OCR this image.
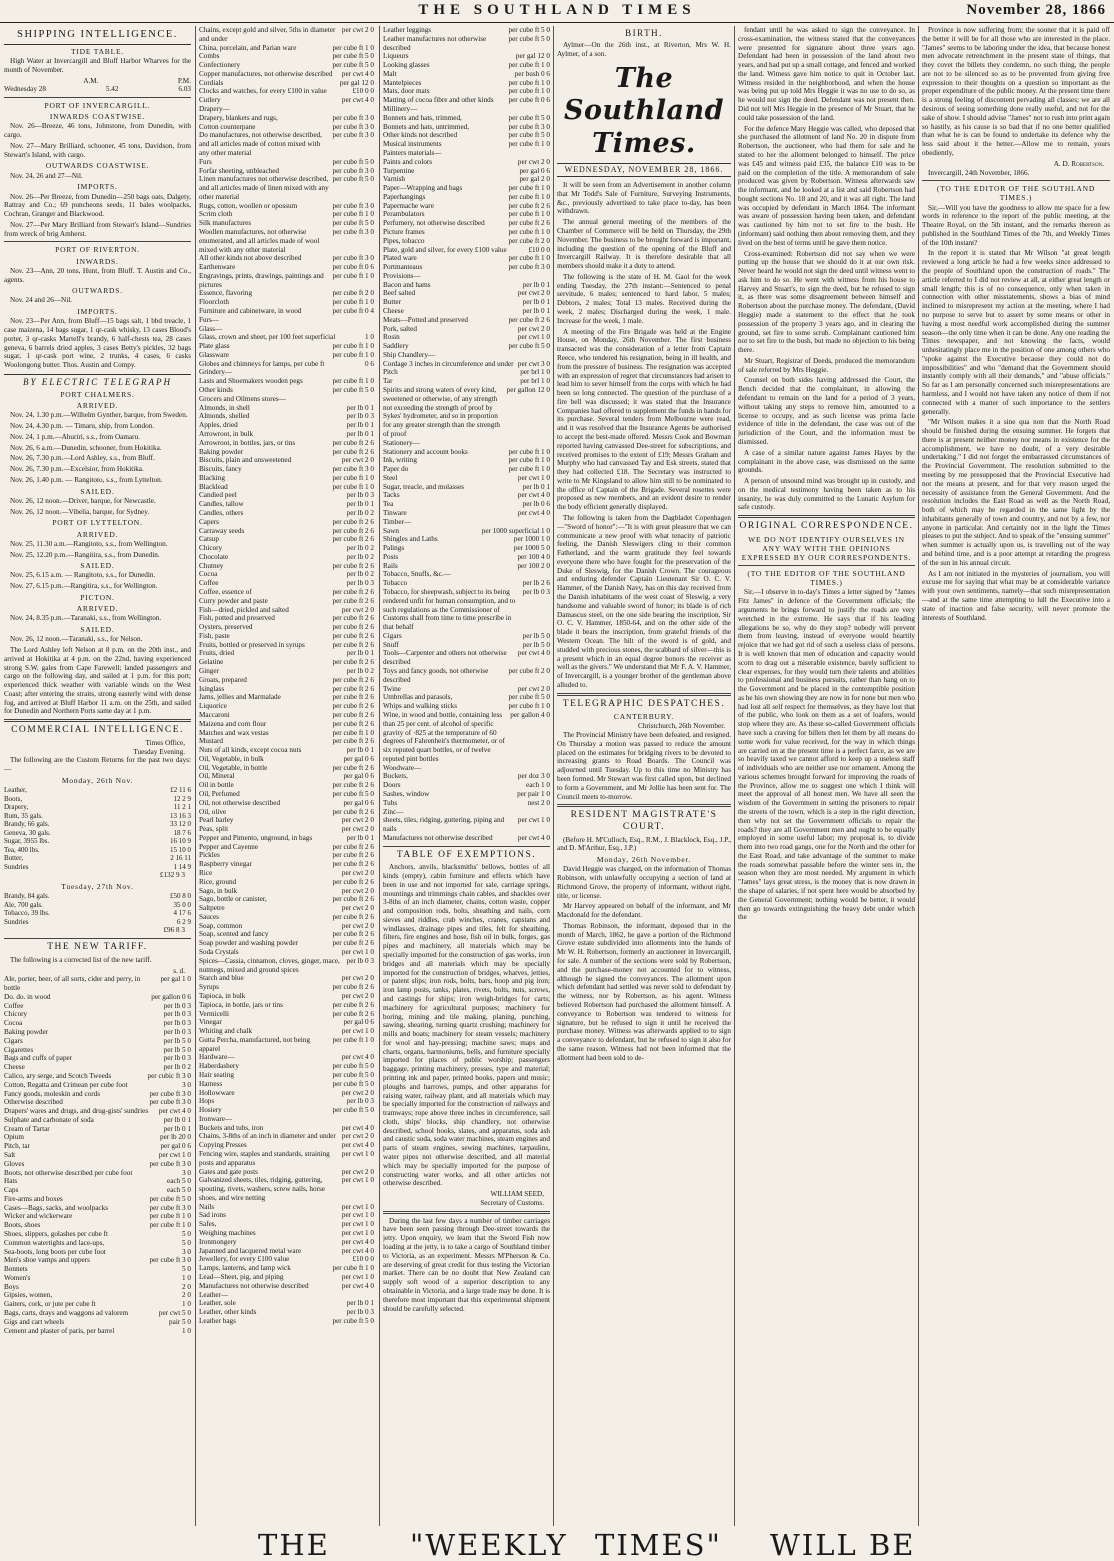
THE SOUTHLAND TIMES	November 28, 1866
SHIPPING INTELLIGENCE.
TIDE TABLE.

High Water at Invercargill and Bluff Harbor Wharves for the month of November.

A.M.	P.M.
Wednesday 28	5.42	6.03
PORT OF INVERCARGILL.
INWARDS COASTWISE.

Nov. 26—Breeze, 46 tons, Johnstone, from Dunedin, with cargo.

Nov. 27—Mary Brilliard, schooner, 45 tons, Davidson, from Stewart's Island, with cargo.

OUTWARDS COASTWISE.

Nov. 24, 26 and 27—Nil.

IMPORTS.

Nov. 26—Per Breeze, from Dunedin—250 bags oats, Dalgety, Rattray and Co.; 69 puncheons seeds, 11 bales woolpacks, Cochran, Granger and Blackwood.

Nov. 27—Per Mary Brilliard from Stewart's Island—Sundries from wreck of brig Amherst.

PORT OF RIVERTON.
INWARDS.

Nov. 23—Ann, 20 tons, Hunt, from Bluff. T. Austin and Co., agents.

OUTWARDS.

Nov. 24 and 26—Nil.

IMPORTS.

Nov. 23—Per Ann, from Bluff—15 bags salt, 1 bbd treacle, 1 case maizena, 14 bags sugar, 1 qr-cask whisky, 13 cases Blood's porter, 3 qr-casks Martell's brandy, 6 half-chests tea, 28 cases geneva, 6 barrels dried apples, 3 cases Betty's pickles, 32 bags sugar, 1 qr-cask port wine, 2 trunks, 4 cases, 6 casks Woolongong butter. Thos. Austin and Compy.

BY ELECTRIC TELEGRAPH
PORT CHALMERS.
ARRIVED.

Nov. 24, 1.30 p.m.—Wilhelm Gynther, barque, from Sweden.

Nov. 24, 4.30 p.m. — Timaru, ship, from London.

Nov. 24, 1 p.m.—Ahuriri, s.s., from Oamaru.

Nov. 26, 6 a.m.—Dunedin, schooner, from Hokitika.

Nov. 26, 7.30 p.m.—Lord Ashley, s.s., from Bluff.

Nov. 26, 7.30 p.m.—Excelsior, from Hokitika.

Nov. 26, 1.40 p.m. — Rangitoto, s.s., from Lyttelton.

SAILED.

Nov. 26, 12 noon.—Driver, barque, for Newcastle.

Nov. 26, 12 noon.—Vibelia, barque, for Sydney.

PORT OF LYTTELTON.
ARRIVED.

Nov. 25, 11.30 a.m.—Rangitoto, s.s., from Wellington.

Nov. 25, 12.20 p.m.—Rangitira, s.s., from Dunedin.

SAILED.

Nov. 25, 6.15 a.m. — Rangitoto, s.s., for Dunedin.

Nov. 27, 6.15 p.m.—Rangitira, s.s., for Wellington.

PICTON.
ARRIVED.

Nov. 24, 8.35 p.m.—Taranaki, s.s., from Wellington.

SAILED.

Nov. 26, 12 noon.—Taranaki, s.s., for Nelson.

The Lord Ashley left Nelson at 8 p.m. on the 20th inst., and arrived at Hokitika at 4 p.m. on the 22nd, having experienced strong S.W. gales from Cape Farewell; landed passengers and cargo on the following day, and sailed at 1 p.m. for this port; experienced thick weather with variable winds on the West Coast; after entering the straits, strong easterly wind with dense fog, and arrived at Bluff Harbor 11 a.m. on the 25th, and sailed for Dunedin and Northern Ports same day at 1 p.m.

COMMERCIAL INTELLIGENCE.
Times Office,
Tuesday Evening.

The following are the Custom Returns for the past two days:—

Monday, 26th Nov.
Leather,	£2 11 6
Boots,	12 2 9
Drapery,	11 2 1
Rum, 35 gals.	13 16 3
Brandy, 66 gals.	33 12 0
Geneva, 30 gals.	18 7 6
Sugar, 3955 lbs.	16 10 9
Tea, 400 lbs.	15 10 0
Butter,	2 16 11
Sundries	1 14 9
£132 9 3
Tuesday, 27th Nov.
Brandy, 84 gals.	£50 8 0
Ale, 700 gals.	35 0 0
Tobacco, 39 lbs.	4 17 6
Sundries	6 2 9
£96 8 3
THE NEW TARIFF.

The following is a corrected list of the new tariff.

s. d.
Ale, porter, beer, of all sorts, cider and perry, in bottle
per gal 1 0
Do. do. in wood	per gallon 0 6
Coffee	per lb 0 3
Chicory	per lb 0 3
Cocoa	per lb 0 3
Baking powder	per lb 0 3
Cigars	per lb 5 0
Cigarettes	per lb 5 0
Bags and cuffs of paper	per lb 0 3
Cheese	per lb 0 2
Calico, ary serge, and Scotch Tweeds	per cubic ft 3 0
Cotton, Regatta and Crimean per cube foot	3 0
Fancy goods, moleskin and cords	per cube ft 3 0
Otherwise described	per cube ft 3 0
Drapers' wares and drugs, and drug-gists' sundries	per cwt 4 0
Sulphate and carbonate of soda	per lb 0 1
Cream of Tartar	per lb 0 1
Opium	per lb 20 0
Pitch, tar	per gal 0 6
Salt	per cwt 1 0
Gloves	per cube ft 3 0
Boots, not otherwise described per cube foot	3 0
Hats	each 5 0
Caps	each 5 0
Fire-arms and boxes	per cube ft 5 0
Cases—Bags, sacks, and woolpacks	per cube ft 3 0
Wicker and wickerware	per cube ft 1 0
Boots, shoes	per cube ft 1 0
Shoes, slippers, golashes per cube ft	5 0
Common watertights and lace-ups,	5 0
Sea-boots, long boots per cube foot	3 0
Men's shoe vamps and uppers	per cube ft 3 0
Bonnets	5 0
Women's	1 0
Boys	2 0
Gipsies, women,	2 0
Gaiters, cork, or jute per cube ft	1 0
Bags, carts, drays and waggons ad valorem	per cwt 5 0
Gigs and cart wheels	pair 5 0
Cement and plaster of paris, per barrel	1 0
Chains, except gold and silver, 5ths in diameter and under
per cwt 2 0
China, porcelain, and Parian ware	per cube ft 1 0
Combs	per cube ft 5 0
Confectionery	per cube ft 5 0
Copper manufactures, not otherwise described	per cwt 4 0
Cordials	per gal 12 0
Clocks and watches, for every £100 in value	£10 0 0
Cutlery	per cwt 4 0
Drapery—
Drapery, blankets and rugs,	per cube ft 3 0
Cotton counterpane	per cube ft 3 0
Do manufactures, not otherwise described, and all articles made of cotton mixed with any other material
per cube ft 3 0
Furs	per cube ft 5 0
Forfar sheeting, unbleached	per cube ft 3 0
Linen manufactures not otherwise described, and all articles made of linen mixed with any other material
per cube ft 5 0
Rugs, cotton, woollen or opossum	per cube ft 3 0
Scrim cloth	per cube ft 1 0
Silk manufactures	per cube ft 5 0
Woollen manufactures, not otherwise enumerated, and all articles made of wool mixed with any other material
per cube ft 3 0
All other kinds not above described	per cube ft 3 0
Earthenware	per cube ft 0 6
Engravings, prints, drawings, paintings and pictures
per cube ft 1 0
Essence, flavoring	per cube ft 2 0
Floorcloth	per cube ft 1 0
Furniture and cabinetware, in wood	per cube ft 0 4
Furs—
Glass—
Glass, crown and sheet, per 100 feet superficial	1 0
Plate glass	per cube ft 1 0
Glassware	per cube ft 1 0
Globes and chimneys for lamps, per cube ft	0 6
Grindery—
Lasts and Shoemakers wooden pegs	per cube ft 1 0
Other kinds	per cube ft 5 0
Grocers and Oilmens stores—
Almonds, in shell	per lb 0 1
Almonds, shelled	per lb 0 3
Apples, dried	per lb 0 1
Arrowroot, in bulk	per lb 0 1
Arrowroot, in bottles, jars, or tins	per cube ft 2 6
Baking powder	per cube ft 2 6
Biscuits, plain and unsweetened	per cwt 2 0
Biscuits, fancy	per cube ft 3 0
Blacking	per cube ft 1 0
Blacklead	per cube ft 1 0
Candied peel	per lb 0 3
Candles, tallow	per lb 0 1
Candles, others	per lb 0 2
Capers	per cube ft 2 6
Carraway seeds	per cube ft 2 6
Catsup	per cube ft 2 6
Chicory	per lb 0 2
Chocolate	per lb 0 2
Chutney	per cube ft 2 6
Cocoa	per lb 0 2
Coffee	per lb 0 3
Coffee, essence of	per cube ft 2 6
Curry powder and paste	per cube ft 2 6
Fish—dried, pickled and salted	per cwt 2 0
Fish, potted and preserved	per cube ft 2 6
Oysters, preserved	per cube ft 2 6
Fish, paste	per cube ft 2 6
Fruits, bottled or preserved in syrups	per cube ft 2 6
Fruits, dried	per lb 0 1
Gelatine	per cube ft 2 6
Ginger	per lb 0 2
Groats, prepared	per cube ft 2 6
Isinglass	per cube ft 2 6
Jams, jellies and Marmalade	per cube ft 2 6
Liquorice	per cube ft 2 6
Maccaroni	per cube ft 2 6
Maizena and corn flour	per cube ft 2 6
Matches and wax vestas	per cube ft 1 0
Mustard	per cube ft 2 6
Nuts of all kinds, except cocoa nuts	per lb 0 1
Oil, Vegetable, in bulk	per gal 0 6
Oil, Vegetable, in bottle	per cube ft 2 6
Oil, Mineral	per gal 0 6
Oil in bottle	per cube ft 2 6
Oil, Perfumed	per cube ft 5 0
Oil, not otherwise described	per gal 0 6
Oil, olive	per cube ft 2 6
Pearl barley	per cwt 2 0
Peas, split	per cwt 2 0
Pepper and Pimento, unground, in bags	per lb 0 1
Pepper and Cayenne	per cube ft 2 6
Pickles	per cube ft 2 6
Raspberry vinegar	per cube ft 2 6
Rice	per cwt 2 0
Rice, ground	per cube ft 2 6
Sago, in bulk	per cwt 2 0
Sago, bottle or canister,	per cube ft 2 6
Saltpetre	per cwt 2 0
Sauces	per cube ft 2 6
Soap, common	per cwt 2 0
Soap, scented and fancy	per cube ft 2 6
Soap powder and washing powder	per cube ft 2 6
Soda Crystals	per cwt 1 0
Spices—Cassia, cinnamon, cloves, ginger, mace, nutmegs, mixed and ground spices
per lb 0 3
Starch and blue	per cwt 2 0
Syrups	per cube ft 2 6
Tapioca, in bulk	per cwt 2 0
Tapioca, in bottle, jars or tins	per cube ft 2 6
Vermicelli	per cube ft 2 6
Vinegar	per gal 0 6
Whiting and chalk	per cwt 1 0
Gutta Percha, manufactured, not being apparel
per cube ft 1 0
Hardware—	per cwt 4 0
Haberdashery	per cube ft 5 0
Hair seating	per cube ft 5 0
Harness	per cube ft 5 0
Hollowware	per cwt 2 0
Hops	per lb 0 3
Hosiery	per cube ft 5 0
Ironware—
Buckets and tubs, iron	per cwt 4 0
Chains, 3-8ths of an inch in diameter and under per cwt 2 0
Copying Presses	per cwt 4 0
Fencing wire, staples and standards, straining posts and apparatus
per cwt 1 0
Gates and gate posts	per cwt 2 0
Galvanized sheets, tiles, ridging, guttering, spouting, rivets, washers, screw nails, horse shoes, and wire netting
per cwt 1 0
Nails	per cwt 1 0
Sad irons	per cwt 1 0
Safes,	per cwt 1 0
Weighing machines	per cwt 1 0
Ironmongery	per cwt 4 0
Japanned and lacquered metal ware	per cwt 4 0
Jewellery, for every £100 value	£10 0 0
Lamps, lanterns, and lamp wick	per cube ft 1 0
Lead—Sheet, pig, and piping	per cwt 1 0
Manufactures not otherwise described	per cwt 4 0
Leather—
Leather, sole	per lb 0 1
Leather, other kinds	per lb 0 3
Leather bags	per cube ft 5 0
Leather leggings	per cube ft 5 0
Leather manufactures not otherwise described
per cube ft 5 0
Liqueurs	per gal 12 0
Looking glasses	per cube ft 1 0
Malt	per bush 0 6
Mantelpieces	per cube ft 1 0
Mats, door mats	per cube ft 1 0
Matting of cocoa fibre and other kinds	per cube ft 0 6
Millinery—
Bonnets and hats, trimmed,	per cube ft 5 0
Bonnets and hats, untrimmed,	per cube ft 3 0
Other kinds not described	per cube ft 5 0
Musical instruments	per cube ft 1 0
Painters materials—
Paints and colors	per cwt 2 0
Turpentine	per gal 0 6
Varnish	per gal 2 0
Paper—Wrapping and bags	per cube ft 1 0
Paperhangings	per cube ft 1 0
Papermache ware	per cube ft 2 6
Perambulators	per cube ft 1 0
Perfumery, not otherwise described	per cube ft 2 6
Picture frames	per cube ft 1 0
Pipes, tobacco	per cube ft 2 0
Plate, gold and silver, for every £100 value	£10 0 0
Plated ware	per cube ft 1 0
Portmanteaus	per cube ft 3 0
Provisions—
Bacon and hams	per lb 0 1
Beef salted	per cwt 2 0
Butter	per lb 0 1
Cheese	per lb 0 1
Meats—Potted and preserved	per cube ft 2 6
Pork, salted	per cwt 2 0
Rosin	per cwt 1 0
Saddlery	per cube ft 5 0
Ship Chandlery—
Cordage 3 inches in circumference and under per cwt 3 0
Pitch	per brl 1 0
Tar	per brl 1 0
Spirits and strong waters of every kind, sweetened or otherwise, of any strength not exceeding the strength of proof by Sykes' hydrometer, and so in proportion for any greater strength than the strength of proof
per gallon 12 0
Stationery—
Stationery and account books	per cube ft 1 0
Ink, writing	per cube ft 1 0
Paper do	per cube ft 1 0
Steel	per cwt 1 0
Sugar, treacle, and molasses	per lb 0 1
Tacks	per cwt 4 0
Tea	per lb 0 6
Tinware	per cwt 4 0
Timber—
Sawn	per 1000 superficial 1 0
Shingles and Laths	per 1000 1 0
Palings	per 1000 5 0
Posts	per 100 4 0
Rails	per 100 2 0
Tobacco, Snuffs, &c.—
Tobacco	per lb 2 6
Tobacco, for sheepwash, subject to its being rendered unfit for human consumption, and to such regulations as the Commissioner of Customs shall from time to time prescribe in that behalf
per lb 0 3
Cigars	per lb 5 0
Snuff	per lb 5 0
Tools—Carpenter and others not otherwise described
per cwt 4 0
Toys and fancy goods, not otherwise described
per cube ft 2 0
Twine	per cwt 2 0
Umbrellas and parasols,	per cube ft 5 0
Whips and walking sticks	per cube ft 1 0
Wine, in wood and bottle, containing less than 25 per cent. of alcohol of specific gravity of ·825 at the temperature of 60 degrees of Fahrenheit's thermometer, or of six reputed quart bottles, or of twelve reputed pint bottles
per gallon 4 0
Woodware—
Buckets,	per doz 3 0
Doors	each 1 0
Sashes, window	per pair 1 0
Tubs	nest 2 0
Zinc—
sheets, tiles, ridging, guttering, piping and nails
per cwt 1 0
Manufactures not otherwise described	per cwt 4 0
TABLE OF EXEMPTIONS.

Anchors, anvils, blacksmiths' bellows, bottles of all kinds (empty), cabin furniture and effects which have been in use and not imported for sale, carriage springs, mountings and trimmings chain cables, and shackles over 3-8ths of an inch diameter, chains, cotton waste, copper and composition rods, bolts, sheathing and nails, corn sieves and riddles, crab winches, cranes, capstans and windlasses, drainage pipes and tiles, felt for sheathing, filters, fire engines and hose, fish oil in bulk, forges, gas pipes and machinery, all materials which may be specially imported for the construction of gas works, iron bridges and all materials which may be specially imported for the construction of bridges, wharves, jetties, or patent slips; iron rods, bolts, bars, hoop and pig iron; iron lamp posts, tanks, plates, rivets, bolts, nuts, screws, and castings for ships; iron weigh-bridges for carts; machinery for agricultural purposes; machinery for boring, mining and tile making, planing, punching, sawing, shearing, turning quartz crushing; machinery for mills and boats; machinery for steam vessels; machinery for wool and hay-pressing; machine saws; maps and charts, organs, harmoniums, bells, and furniture specially imported for places of public worship; passengers baggage, printing machinery, presses, type and material; printing ink and paper, printed books, papers and music; ploughs and harrows, pumps, and other apparatus for raising water, railway plant, and all materials which may be specially imported for the construction of railways and tramways; rope above three inches in circumference, sail cloth, ships' blocks, ship chandlery, not otherwise described, school books, slates, and apparatus, soda ash and caustic soda, soda water machines, steam engines and parts of steam engines, sewing machines, tarpaulins, water pipes not otherwise described, and all material which may be specially imported for the purpose of constructing water works, and all other articles not otherwise described.

WILLIAM SEED,
Secretary of Customs.

During the last few days a number of timber carriages have been seen passing through Dee-street towards the jetty. Upon enquiry, we learn that the Sword Fish now loading at the jetty, is to take a cargo of Southland timber to Victoria, as an experiment. Messrs M'Pherson & Co. are deserving of great credit for thus testing the Victorian market. There can be no doubt that New Zealand can supply soft wood of a superior description to any obtainable in Victoria, and a large trade may be done. It is therefore most important that this experimental shipment should be carefully selected.

BIRTH.

Aylmer—On the 26th inst., at Riverton, Mrs W. H. Aylmer, of a son.

The Southland Times.
WEDNESDAY, NOVEMBER 28, 1866.

It will be seen from an Advertisement in another column that Mr Todd's Sale of Furniture, Surveying Instruments, &c., previously advertised to take place to-day, has been withdrawn.

The annual general meeting of the members of the Chamber of Commerce will be held on Thursday, the 29th November. The business to be brought forward is important, including the question of the opening of the Bluff and Invercargill Railway. It is therefore desirable that all members should make it a duty to attend.

The following is the state of H. M. Gaol for the week ending Tuesday, the 27th instant:—Sentenced to penal servitude, 6 males; sentenced to hard labor, 5 males; Debtors, 2 males; Total 13 males. Received during the week, 2 males; Discharged during the week, 1 male. Increase for the week, 1 male.

A meeting of the Fire Brigade was held at the Engine House, on Monday, 26th November. The first business transacted was the consideration of a letter from Captain Reece, who tendered his resignation, being in ill health, and from the pressure of business. The resignation was accepted with an expression of regret that circumstances had arisen to lead him to sever himself from the corps with which he had been so long connected. The question of the purchase of a fire bell was discussed; it was stated that the Insurance Companies had offered to supplement the funds in hands for its purchase. Several tenders from Melbourne were read, and it was resolved that the Insurance Agents be authorised to accept the best-made offered. Messrs Cook and Bowman reported having canvassed Dee-street for subscriptions, and received promises to the extent of £19; Messrs Graham and Murphy who had canvassed Tay and Esk streets, stated that they had collected £18. The Secretary was instructed to write to Mr Kingsland to allow him still to be nominated to the office of Captain of the Brigade. Several rosettes were proposed as new members, and an evident desire to render the body efficient generally displayed.

The following is taken from the Dagbladet Copenhagen—"Sword of honor":—"It is with great pleasure that we can communicate a new proof with what tenacity of patriotic feeling, the Danish Sleswigers cling to their common Fatherland, and the warm gratitude they feel towards everyone there who have fought for the preservation of the Duke of Sleswig, for the Danish Crown. The courageous and enduring defender Captain Lieutenant Sir O. C. V. Hammer, of the Danish Navy, has on this day received from the Danish inhabitants of the west coast of Sleswig, a very handsome and valuable sword of honor; its blade is of rich Damascus steel, on the one side bearing the inscription, Sir O. C. V. Hammer, 1850-64, and on the other side of the blade it bears the inscription, from grateful friends of the Western Ocean. The hilt of the sword is of gold, and studded with precious stones, the scabbard of silver—this is a present which in an equal degree honors the receiver as well as the givers." We understand that Mr F. A. V. Hammer, of Invercargill, is a younger brother of the gentleman above alluded to.

TELEGRAPHIC DESPATCHES.
CANTERBURY.
Christchurch, 26th November.

The Provincial Ministry have been defeated, and resigned. On Thursday a motion was passed to reduce the amount placed on the estimates for bridging rivers to be devoted to increasing grants to Road Boards. The Council was adjourned until Tuesday. Up to this time no Ministry has been formed. Mr Stewart was first called upon, but declined to form a Government, and Mr Jollie has been sent for. The Council meets to-morrow.

RESIDENT MAGISTRATE'S COURT.

(Before H. M'Culloch, Esq., R.M., J. Blacklock, Esq., J.P., and D. M'Arthur, Esq., J.P.)

Monday, 26th November.

David Heggie was charged, on the information of Thomas Robinson, with unlawfully occupying a section of land at Richmond Grove, the property of informant, without right, title, or license.

Mr Harvey appeared on behalf of the informant, and Mr Macdonald for the defendant.

Thomas Robinson, the informant, deposed that in the month of March, 1862, he gave a portion of the Richmond Grove estate subdivided into allotments into the hands of Mr W. H. Robertson, formerly an auctioneer in Invercargill, for sale. A number of the sections were sold by Robertson, and the purchase-money not accounted for to witness, although he signed the conveyances. The allotment upon which defendant had settled was never sold to defendant by the witness, nor by Robertson, as his agent. Witness believed Robertson had purchased the allotment himself. A conveyance to Robertson was tendered to witness for signature, but he refused to sign it until he received the purchase money. Witness was afterwards applied to to sign a conveyance to defendant, but he refused to sign it also for the same reason. Witness had not been informed that the allotment had been sold to de-

fendant until he was asked to sign the conveyance. In cross-examination, the witness stated that the conveyances were presented for signature about three years ago. Defendant had been in possession of the land about two years, and had put up a small cottage, and fenced and worked the land. Witness gave him notice to quit in October last. Witness resided in the neighborhood, and when the house was being put up told Mrs Heggie it was no use to do so, as he would not sign the deed. Defendant was not present then. Did not tell Mrs Heggie in the presence of Mr Stuart, that he could take possession of the land.

For the defence Mary Heggie was called, who deposed that she purchased the allotment of land No. 20 in dispute from Robertson, the auctioneer, who had them for sale and he stated to her the allotment belonged to himself. The price was £45 and witness paid £35, the balance £10 was to be paid on the completion of the title. A memorandum of sale produced was given by Robertson. Witness afterwards saw the informant, and he looked at a list and said Robertson had bought sections No. 18 and 20, and it was all right. The land was occupied by defendant in March 1864. The informant was aware of possession having been taken, and defendant was cautioned by him not to set fire to the bush. He (informant) said nothing then about removing them, and they lived on the best of terms until he gave them notice.

Cross-examined: Robertson did not say when we were putting up the house that we should do it at our own risk. Never heard he would not sign the deed until witness went to ask him to do so. He went with witness from his house to Harvey and Stuart's, to sign the deed, but he refused to sign it, as there was some disagreement between himself and Robertson about the purchase money. The defendant, (David Heggie) made a statement to the effect that he took possession of the property 3 years ago, and in clearing the ground, set fire to some scrub. Complainant cautioned him not to set fire to the bush, but made no objection to his being there.

Mr Stuart, Registrar of Deeds, produced the memorandum of sale referred by Mrs Heggie.

Counsel on both sides having addressed the Court, the Bench decided that the complainant, in allowing the defendant to remain on the land for a period of 3 years, without taking any steps to remove him, amounted to a license to occupy, and as such license was prima facie evidence of title in the defendant, the case was out of the jurisdiction of the Court, and the information must be dismissed.

A case of a similar nature against James Hayes by the complainant in the above case, was dismissed on the same grounds.

A person of unsound mind was brought up in custody, and on the medical testimony having been taken as to his insanity, he was duly committed to the Lunatic Asylum for safe custody.

ORIGINAL CORRESPONDENCE.
WE DO NOT IDENTIFY OURSELVES IN ANY WAY WITH THE OPINIONS EXPRESSED BY OUR CORRESPONDENTS.
(TO THE EDITOR OF THE SOUTHLAND TIMES.)

Sir,—I observe in to-day's Times a letter signed by "James Fitz James" in defence of the Government officials; the arguments he brings forward to justify the roads are very wretched in the extreme. He says that if his leading allegations be so, why do they stop? nobody will prevent them from leaving, instead of everyone would heartily rejoice that we had got rid of such a useless class of persons. It is well known that men of education and capacity would scorn to drag out a miserable existence, barely sufficient to clear expenses, for they would turn their talents and abilities to professional and business pursuits, rather than hang on to the Government and be placed in the contemptible position as he his own showing they are now in for none but men who had lost all self respect for themselves, as they have lost that of the public, who look on them as a set of loafers, would stop where they are. As these so-called Government officials have such a craving for billets then let them by all means do some work for value received, for the way in which things are carried on at the present time is a perfect farce, as we are so heavily taxed we cannot afford to keep up a useless staff of individuals who are neither use nor ornament. Among the various schemes brought forward for improving the roads of the Province, allow me to suggest one which I think will meet the approval of all honest men. We have all seen the wisdom of the Government in setting the prisoners to repair the streets of the town, which is a step in the right direction, then why not set the Government officials to repair the roads? they are all Government men and ought to be equally employed in some useful labor; my proposal is, to divide them into two road gangs, one for the North and the other for the East Road, and take advantage of the summer to make the roads somewhat passable before the winter sets in, the season when they are most needed. My argument in which "James" lays great stress, is the money that is now drawn in the shape of salaries, if not spent here would be absorbed by the General Government; nothing would be better, it would then go towards extinguishing the heavy debt under which the

Province is now suffering from; the sooner that it is paid off the better it will be for all those who are interested in the place. "James" seems to be laboring under the idea, that because honest men advocate retrenchment in the present state of things, that they covet the billets they condemn, no such thing, the people are not to be silenced so as to be prevented from giving free expression to their thoughts on a question so important as the proper expenditure of the public money. At the present time there is a strong feeling of discontent pervading all classes; we are all desirous of seeing something done really useful, and not for the sake of show. I should advise "James" not to rush into print again so hastily, as his cause is so bad that if no one better qualified than what he is can be found to undertake its defence why the less said about it the better.—Allow me to remain, yours obediently,

A. D. Robertson.

Invercargill, 24th November, 1866.

(TO THE EDITOR OF THE SOUTHLAND TIMES.)

Sir,—Will you have the goodness to allow me space for a few words in reference to the report of the public meeting, at the Theatre Royal, on the 5th instant, and the remarks thereon as published in the Southland Times of the 7th, and Weekly Times of the 10th instant?

In the report it is stated that Mr Wilson "at great length reviewed a long article he had a few weeks since addressed to the people of Southland upon the construction of roads." The article referred to I did not review at all, at either great length or small length; this is of no consequence, only when taken in connection with other misstatements, shows a bias of mind inclined to misrepresent my action at the meeting, where I had no purpose to serve but to assert by some means or other in having a most needful work accomplished during the summer season—the only time when it can be done. Any one reading the Times newspaper, and not knowing the facts, would unhesitatingly place me in the position of one among others who "spoke against the Executive because they could not do impossibilities" and who "demand that the Government should instantly comply with all their demands," and "abuse officials." So far as I am personally concerned such misrepresentations are harmless, and I would not have taken any notice of them if not connected with a matter of such importance to the settlers generally.

"Mr Wilson makes it a sine qua non that the North Road should be finished during the ensuing summer. He forgets that there is at present neither money nor means in existence for the accomplishment, we have no doubt, of a very desirable undertaking." I did not forget the embarrassed circumstances of the Provincial Government. The resolution submitted to the meeting by me presupposed that the Provincial Executive had not the means at present, and for that very reason urged the necessity of assistance from the General Government. And the resolution includes the East Road as well as the North Road, both of which may be regarded in the same light by the inhabitants generally of town and country, and not by a few, nor anyone in particular. And certainly not in the light the Times pleases to put the subject. And to speak of the "ensuing summer" when summer is actually upon us, is travelling out of the way and behind time, and is a poor attempt at retarding the progress of the sun in his annual circuit.

As I am not initiated in the mysteries of journalism, you will excuse me for saying that what may be at considerable variance with your own sentiments, namely—that such misrepresentation—and at the same time attempting to lull the Executive into a state of inaction and false security, will never promote the interests of Southland.

THE	"WEEKLY TIMES" WILL BE
